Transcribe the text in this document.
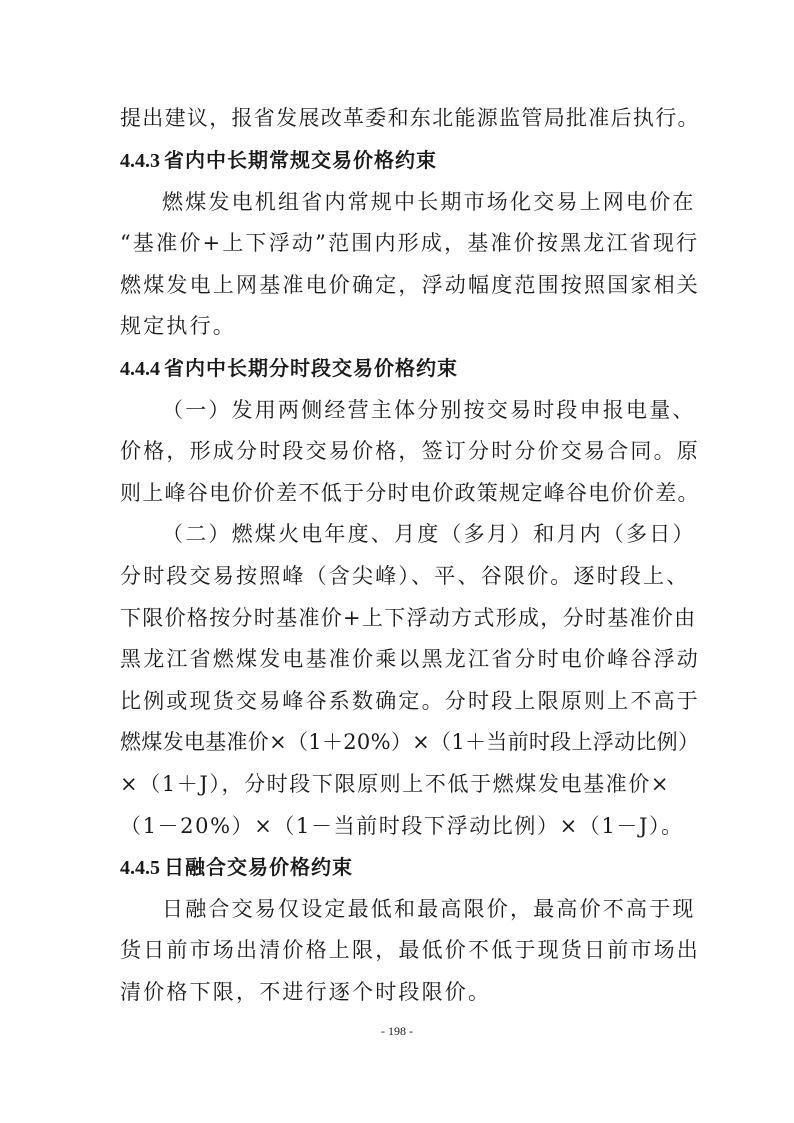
提出建议，报省发展改革委和东北能源监管局批准后执行。
4.4.3 省内中长期常规交易价格约束
燃煤发电机组省内常规中长期市场化交易上网电价在
“基准价+上下浮动”范围内形成，基准价按黑龙江省现行
燃煤发电上网基准电价确定，浮动幅度范围按照国家相关
规定执行。
4.4.4 省内中长期分时段交易价格约束
（一）发用两侧经营主体分别按交易时段申报电量、
价格，形成分时段交易价格，签订分时分价交易合同。原
则上峰谷电价价差不低于分时电价政策规定峰谷电价价差。
（二）燃煤火电年度、月度（多月）和月内（多日）
分时段交易按照峰（含尖峰）、平、谷限价。逐时段上、
下限价格按分时基准价+上下浮动方式形成，分时基准价由
黑龙江省燃煤发电基准价乘以黑龙江省分时电价峰谷浮动
比例或现货交易峰谷系数确定。分时段上限原则上不高于
燃煤发电基准价×（1＋20%）×（1＋当前时段上浮动比例）
×（1＋J），分时段下限原则上不低于燃煤发电基准价×
（1－20%）×（1－当前时段下浮动比例）×（1－J）。
4.4.5 日融合交易价格约束
日融合交易仅设定最低和最高限价，最高价不高于现
货日前市场出清价格上限，最低价不低于现货日前市场出
清价格下限，不进行逐个时段限价。
- 198 -
